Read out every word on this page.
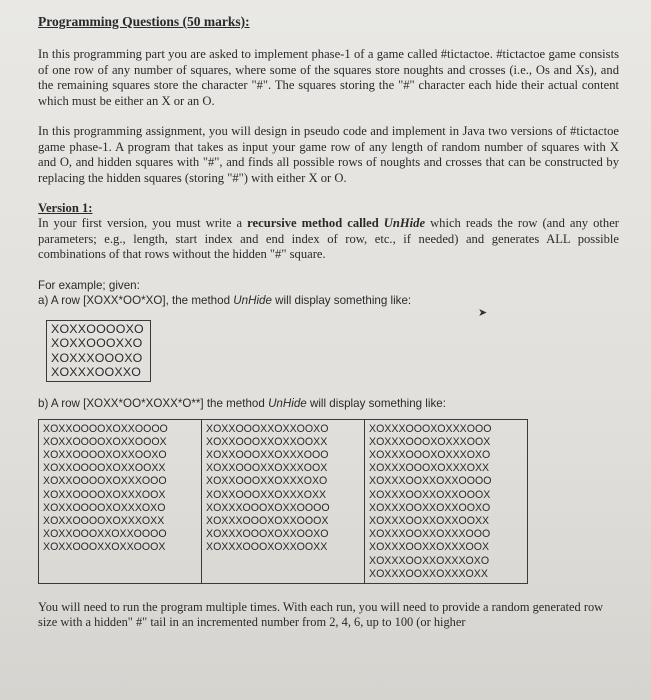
Programming Questions (50 marks):

In this programming part you are asked to implement phase-1 of a game called #tictactoe. #tictactoe game consists of one row of any number of squares, where some of the squares store noughts and crosses (i.e., Os and Xs), and the remaining squares store the character "#". The squares storing the "#" character each hide their actual content which must be either an X or an O.

In this programming assignment, you will design in pseudo code and implement in Java two versions of #tictactoe game phase-1. A program that takes as input your game row of any length of random number of squares with X and O, and hidden squares with "#", and finds all possible rows of noughts and crosses that can be constructed by replacing the hidden squares (storing "#") with either X or O.

Version 1:

In your first version, you must write a recursive method called UnHide which reads the row (and any other parameters; e.g., length, start index and end index of row, etc., if needed) and generates ALL possible combinations of that rows without the hidden "#" square.

For example; given:
a) A row [XOXX*OO*XO], the method UnHide will display something like:
XOXXOOOOXO
XOXXOOOXXO
XOXXXOOOXO
XOXXXOOXXO
b) A row [XOXX*OO*XOXX*O**] the method UnHide will display something like:
XOXXOOOOXOXXOOOO
XOXXOOOOXOXXOOOX
XOXXOOOOXOXXOOXO
XOXXOOOOXOXXOOXX
XOXXOOOOXOXXXOOO
XOXXOOOOXOXXXOOX
XOXXOOOOXOXXXOXO
XOXXOOOOXOXXXOXX
XOXXOOOXXOXXOOOO
XOXXOOOXXOXXOOOX
XOXXOOOXXOXXOOXO
XOXXOOOXXOXXOOXX
XOXXOOOXXOXXXOOO
XOXXOOOXXOXXXOOX
XOXXOOOXXOXXXOXO
XOXXOOOXXOXXXOXX
XOXXXOOOXOXXOOOO
XOXXXOOOXOXXOOOX
XOXXXOOOXOXXOOXO
XOXXXOOOXOXXOOXX
XOXXXOOOXOXXXOOO
XOXXXOOOXOXXXOOX
XOXXXOOOXOXXXOXO
XOXXXOOOXOXXXOXX
XOXXXOOXXOXXOOOO
XOXXXOOXXOXXOOOX
XOXXXOOXXOXXOOXO
XOXXXOOXXOXXOOXX
XOXXXOOXXOXXXOOO
XOXXXOOXXOXXXOOX
XOXXXOOXXOXXXOXO
XOXXXOOXXOXXXOXX
You will need to run the program multiple times. With each run, you will need to provide a random generated row size with a hidden" #" tail in an incremented number from 2, 4, 6, up to 100 (or higher
➤
